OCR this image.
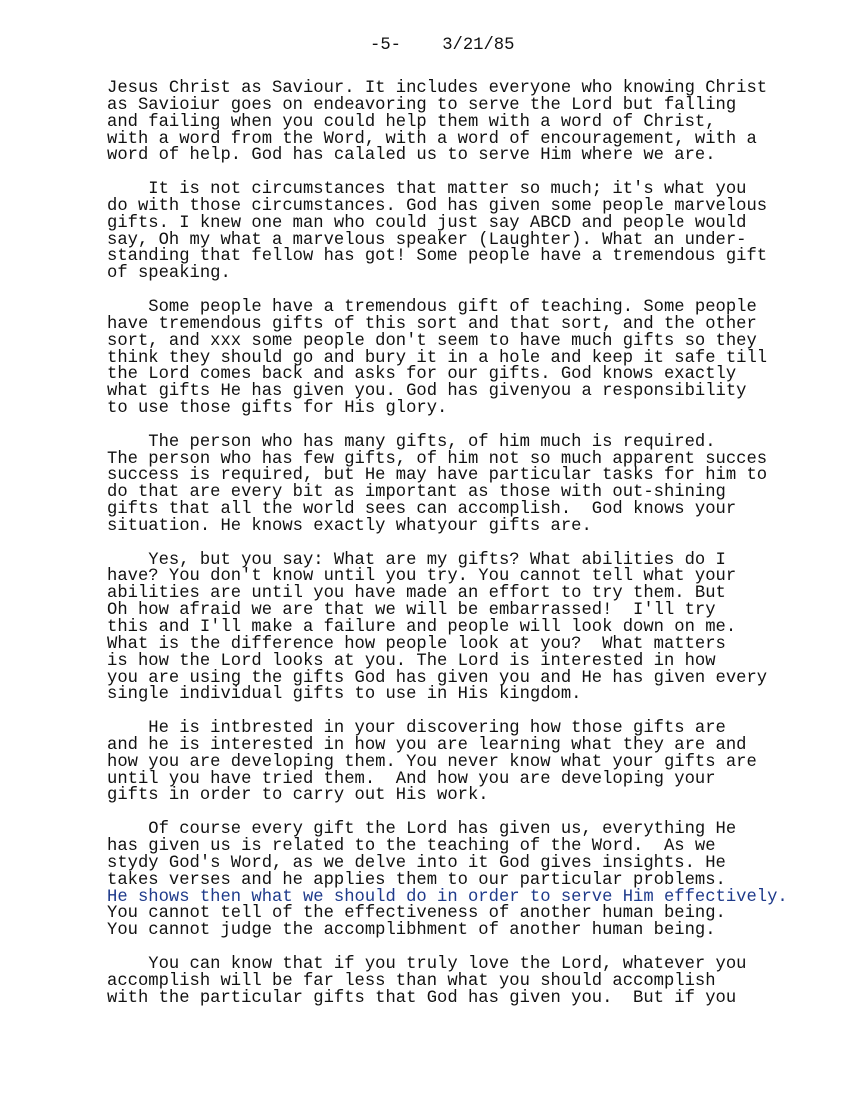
-5- 3/21/85
Jesus Christ as Saviour. It includes everyone who knowing Christ
as Savioiur goes on endeavoring to serve the Lord but falling
and failing when you could help them with a word of Christ,
with a word from the Word, with a word of encouragement, with a
word of help. God has calaled us to serve Him where we are.
It is not circumstances that matter so much; it's what you
do with those circumstances. God has given some people marvelous
gifts. I knew one man who could just say ABCD and people would
say, Oh my what a marvelous speaker (Laughter). What an under-
standing that fellow has got! Some people have a tremendous gift
of speaking.
Some people have a tremendous gift of teaching. Some people
have tremendous gifts of this sort and that sort, and the other
sort, and xxx some people don't seem to have much gifts so they
think they should go and bury it in a hole and keep it safe till
the Lord comes back and asks for our gifts. God knows exactly
what gifts He has given you. God has givenyou a responsibility
to use those gifts for His glory.
The person who has many gifts, of him much is required.
The person who has few gifts, of him not so much apparent succes
success is required, but He may have particular tasks for him to
do that are every bit as important as those with out-shining
gifts that all the world sees can accomplish.  God knows your
situation. He knows exactly whatyour gifts are.
Yes, but you say: What are my gifts? What abilities do I
have? You don't know until you try. You cannot tell what your
abilities are until you have made an effort to try them. But
Oh how afraid we are that we will be embarrassed!  I'll try
this and I'll make a failure and people will look down on me.
What is the difference how people look at you?  What matters
is how the Lord looks at you. The Lord is interested in how
you are using the gifts God has given you and He has given every
single individual gifts to use in His kingdom.
He is intbrested in your discovering how those gifts are
and he is interested in how you are learning what they are and
how you are developing them. You never know what your gifts are
until you have tried them.  And how you are developing your
gifts in order to carry out His work.
Of course every gift the Lord has given us, everything He
has given us is related to the teaching of the Word.  As we
stydy God's Word, as we delve into it God gives insights. He
takes verses and he applies them to our particular problems.
He shows then what we should do in order to serve Him effectively.
You cannot tell of the effectiveness of another human being.
You cannot judge the accomplibhment of another human being.
You can know that if you truly love the Lord, whatever you
accomplish will be far less than what you should accomplish
with the particular gifts that God has given you.  But if you
